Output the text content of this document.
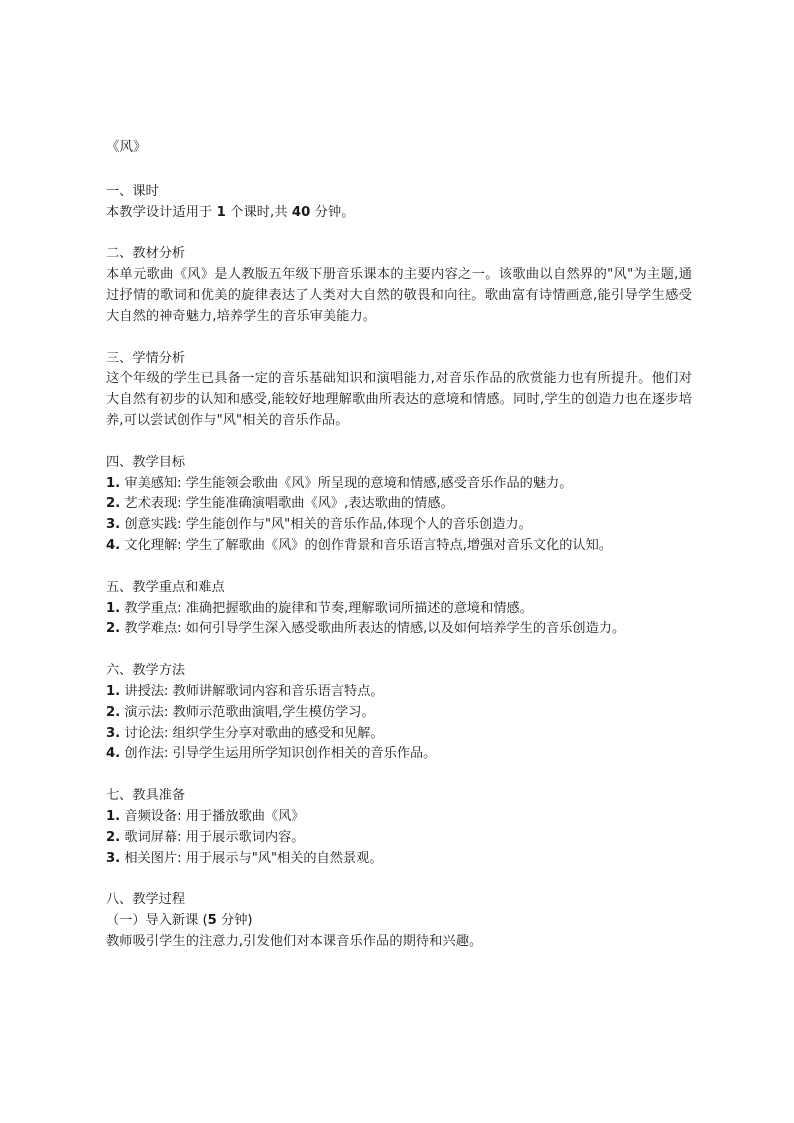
《风》

一、课时

本教学设计适用于 1 个课时,共 40 分钟。

二、教材分析

本单元歌曲《风》是人教版五年级下册音乐课本的主要内容之一。该歌曲以自然界的"风"为主题,通过抒情的歌词和优美的旋律表达了人类对大自然的敬畏和向往。歌曲富有诗情画意,能引导学生感受大自然的神奇魅力,培养学生的音乐审美能力。

三、学情分析

这个年级的学生已具备一定的音乐基础知识和演唱能力,对音乐作品的欣赏能力也有所提升。他们对大自然有初步的认知和感受,能较好地理解歌曲所表达的意境和情感。同时,学生的创造力也在逐步培养,可以尝试创作与"风"相关的音乐作品。

四、教学目标

1. 审美感知: 学生能领会歌曲《风》所呈现的意境和情感,感受音乐作品的魅力。
2. 艺术表现: 学生能准确演唱歌曲《风》,表达歌曲的情感。
3. 创意实践: 学生能创作与"风"相关的音乐作品,体现个人的音乐创造力。
4. 文化理解: 学生了解歌曲《风》的创作背景和音乐语言特点,增强对音乐文化的认知。

五、教学重点和难点

1. 教学重点: 准确把握歌曲的旋律和节奏,理解歌词所描述的意境和情感。
2. 教学难点: 如何引导学生深入感受歌曲所表达的情感,以及如何培养学生的音乐创造力。

六、教学方法

1. 讲授法: 教师讲解歌词内容和音乐语言特点。
2. 演示法: 教师示范歌曲演唱,学生模仿学习。
3. 讨论法: 组织学生分享对歌曲的感受和见解。
4. 创作法: 引导学生运用所学知识创作相关的音乐作品。

七、教具准备

1. 音频设备: 用于播放歌曲《风》
2. 歌词屏幕: 用于展示歌词内容。
3. 相关图片: 用于展示与"风"相关的自然景观。

八、教学过程

（一）导入新课 (5 分钟)

教师吸引学生的注意力,引发他们对本课音乐作品的期待和兴趣。
